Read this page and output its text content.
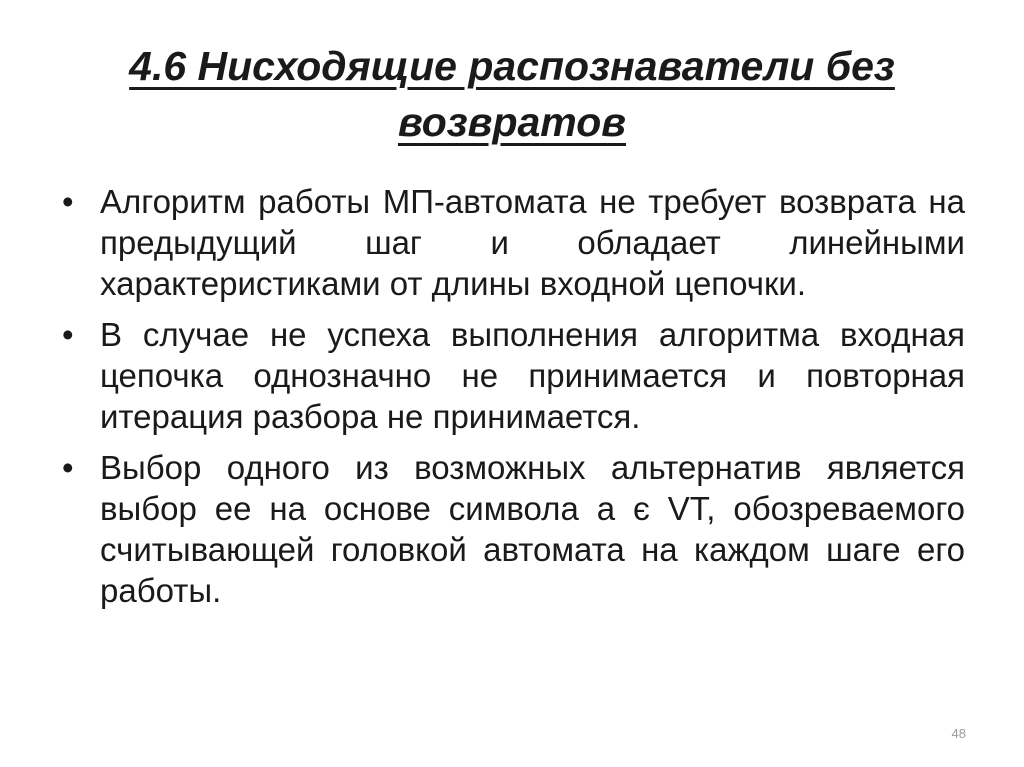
4.6 Нисходящие распознаватели без
возвратов
• Алгоритм работы МП-автомата не требует возврата на предыдущий шаг и обладает линейными характеристиками от длины входной цепочки.
• В случае не успеха выполнения алгоритма входная цепочка однозначно не принимается и повторная итерация разбора не принимается.
• Выбор одного из возможных альтернатив является выбор ее на основе символа a є VT, обозреваемого считывающей головкой автомата на каждом шаге его работы.
48
